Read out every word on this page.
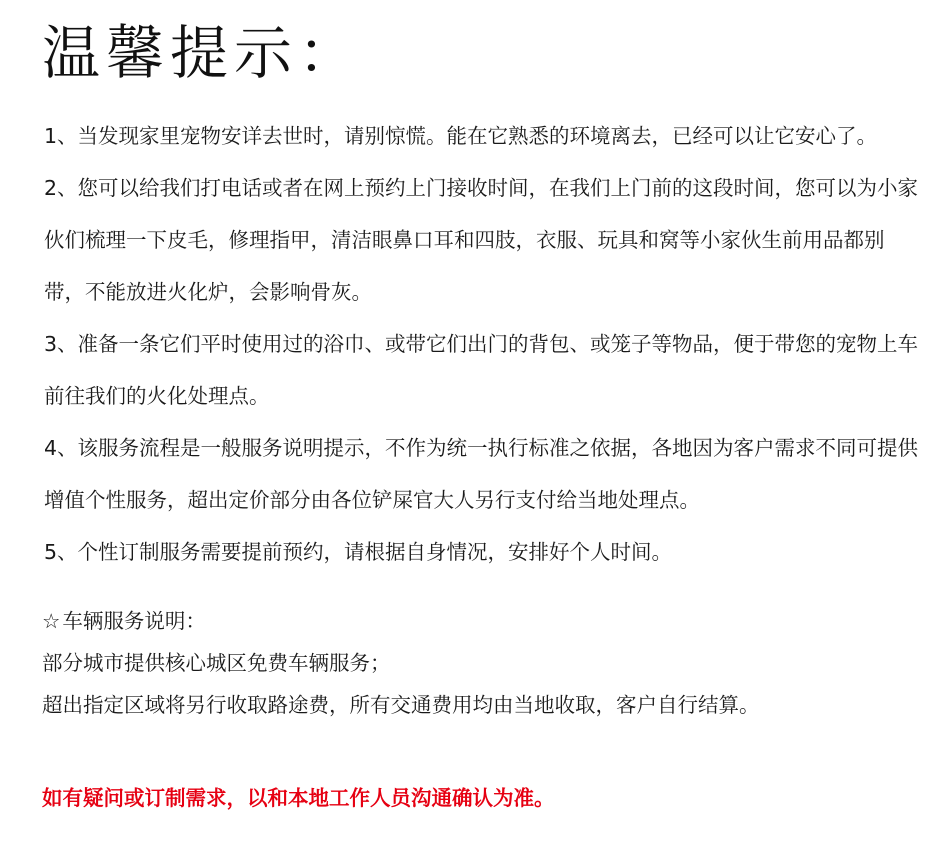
温馨提示：

1、当发现家里宠物安详去世时，请别惊慌。能在它熟悉的环境离去，已经可以让它安心了。

2、您可以给我们打电话或者在网上预约上门接收时间，在我们上门前的这段时间，您可以为小家伙们梳理一下皮毛，修理指甲，清洁眼鼻口耳和四肢，衣服、玩具和窝等小家伙生前用品都别带，不能放进火化炉，会影响骨灰。

3、准备一条它们平时使用过的浴巾、或带它们出门的背包、或笼子等物品，便于带您的宠物上车前往我们的火化处理点。

4、该服务流程是一般服务说明提示，不作为统一执行标准之依据，各地因为客户需求不同可提供增值个性服务，超出定价部分由各位铲屎官大人另行支付给当地处理点。

5、个性订制服务需要提前预约，请根据自身情况，安排好个人时间。

☆车辆服务说明：

部分城市提供核心城区免费车辆服务；

超出指定区域将另行收取路途费，所有交通费用均由当地收取，客户自行结算。

如有疑问或订制需求，以和本地工作人员沟通确认为准。
